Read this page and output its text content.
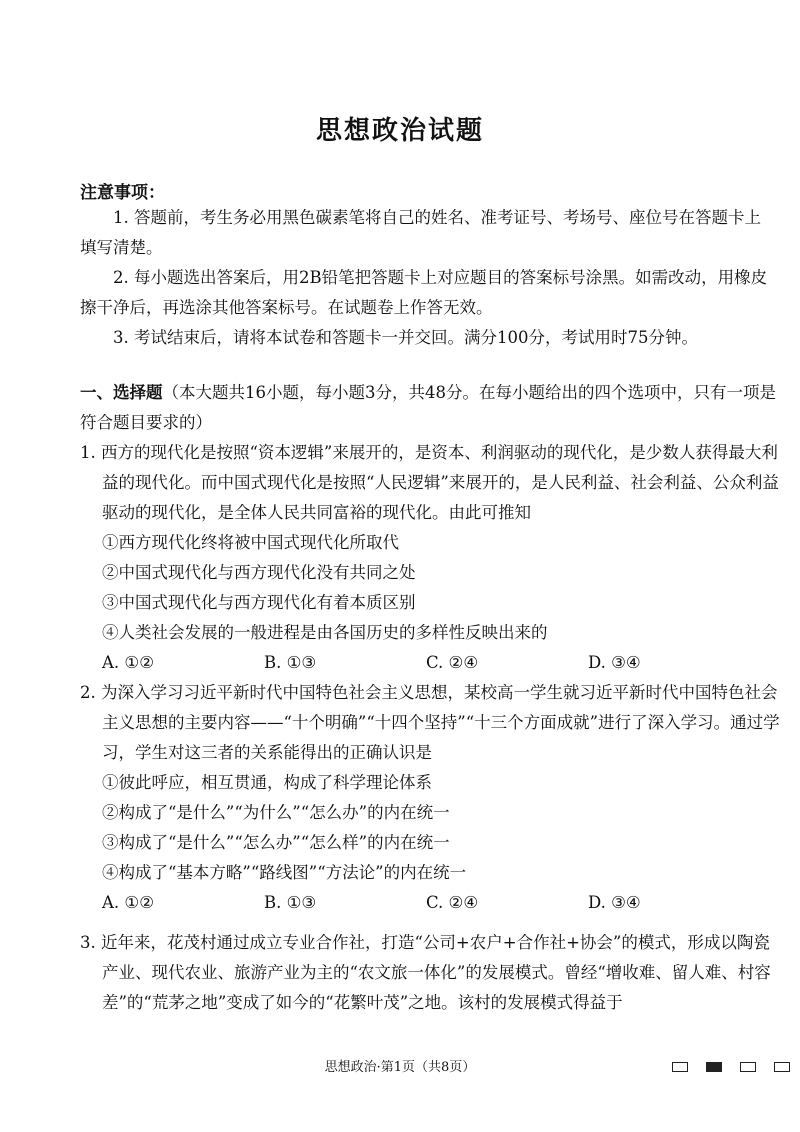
思想政治试题
注意事项：

1. 答题前，考生务必用黑色碳素笔将自己的姓名、准考证号、考场号、座位号在答题卡上填写清楚。

2. 每小题选出答案后，用2B铅笔把答题卡上对应题目的答案标号涂黑。如需改动，用橡皮擦干净后，再选涂其他答案标号。在试题卷上作答无效。

3. 考试结束后，请将本试卷和答题卡一并交回。满分100分，考试用时75分钟。

一、选择题（本大题共16小题，每小题3分，共48分。在每小题给出的四个选项中，只有一项是符合题目要求的）

1. 西方的现代化是按照“资本逻辑”来展开的，是资本、利润驱动的现代化，是少数人获得最大利益的现代化。而中国式现代化是按照“人民逻辑”来展开的，是人民利益、社会利益、公众利益驱动的现代化，是全体人民共同富裕的现代化。由此可推知

①西方现代化终将被中国式现代化所取代

②中国式现代化与西方现代化没有共同之处

③中国式现代化与西方现代化有着本质区别

④人类社会发展的一般进程是由各国历史的多样性反映出来的

A. ①②	B. ①③	C. ②④	D. ③④

2. 为深入学习习近平新时代中国特色社会主义思想，某校高一学生就习近平新时代中国特色社会主义思想的主要内容——“十个明确”“十四个坚持”“十三个方面成就”进行了深入学习。通过学习，学生对这三者的关系能得出的正确认识是

①彼此呼应，相互贯通，构成了科学理论体系

②构成了“是什么”“为什么”“怎么办”的内在统一

③构成了“是什么”“怎么办”“怎么样”的内在统一

④构成了“基本方略”“路线图”“方法论”的内在统一

A. ①②	B. ①③	C. ②④	D. ③④

3. 近年来，花茂村通过成立专业合作社，打造“公司+农户+合作社+协会”的模式，形成以陶瓷产业、现代农业、旅游产业为主的“农文旅一体化”的发展模式。曾经“增收难、留人难、村容差”的“荒茅之地”变成了如今的“花繁叶茂”之地。该村的发展模式得益于

思想政治·第1页（共8页）
